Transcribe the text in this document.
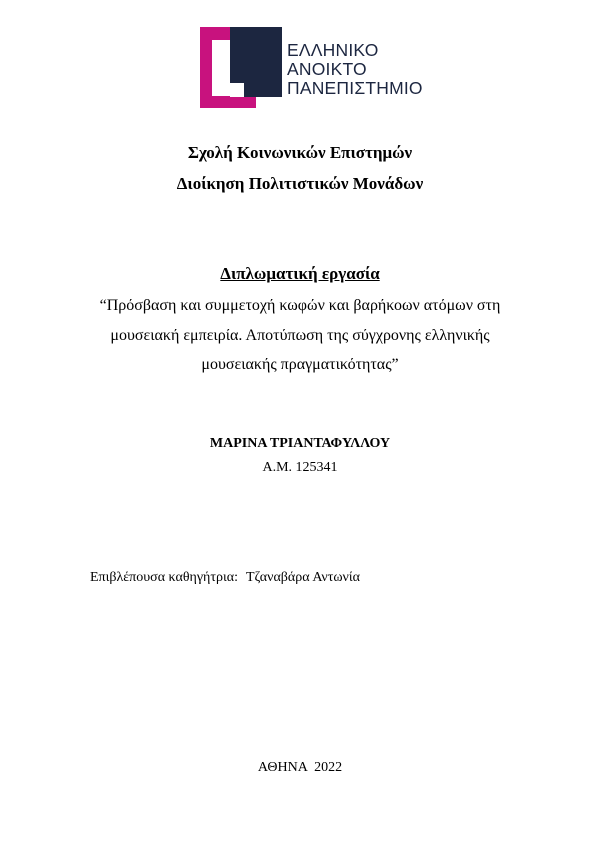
ΕΛΛΗΝΙΚΟ
ΑΝΟΙΚΤΟ
ΠΑΝΕΠΙΣΤΗΜΙΟ
Σχολή Κοινωνικών Επιστημών
Διοίκηση Πολιτιστικών Μονάδων
Διπλωματική εργασία
“Πρόσβαση και συμμετοχή κωφών και βαρήκοων ατόμων στη
μουσειακή εμπειρία. Αποτύπωση της σύγχρονης ελληνικής
μουσειακής πραγματικότητας”
ΜΑΡΙΝΑ ΤΡΙΑΝΤΑΦΥΛΛΟΥ
Α.Μ. 125341
Επιβλέπουσα καθηγήτρια: Τζαναβάρα Αντωνία
ΑΘΗΝΑ  2022
